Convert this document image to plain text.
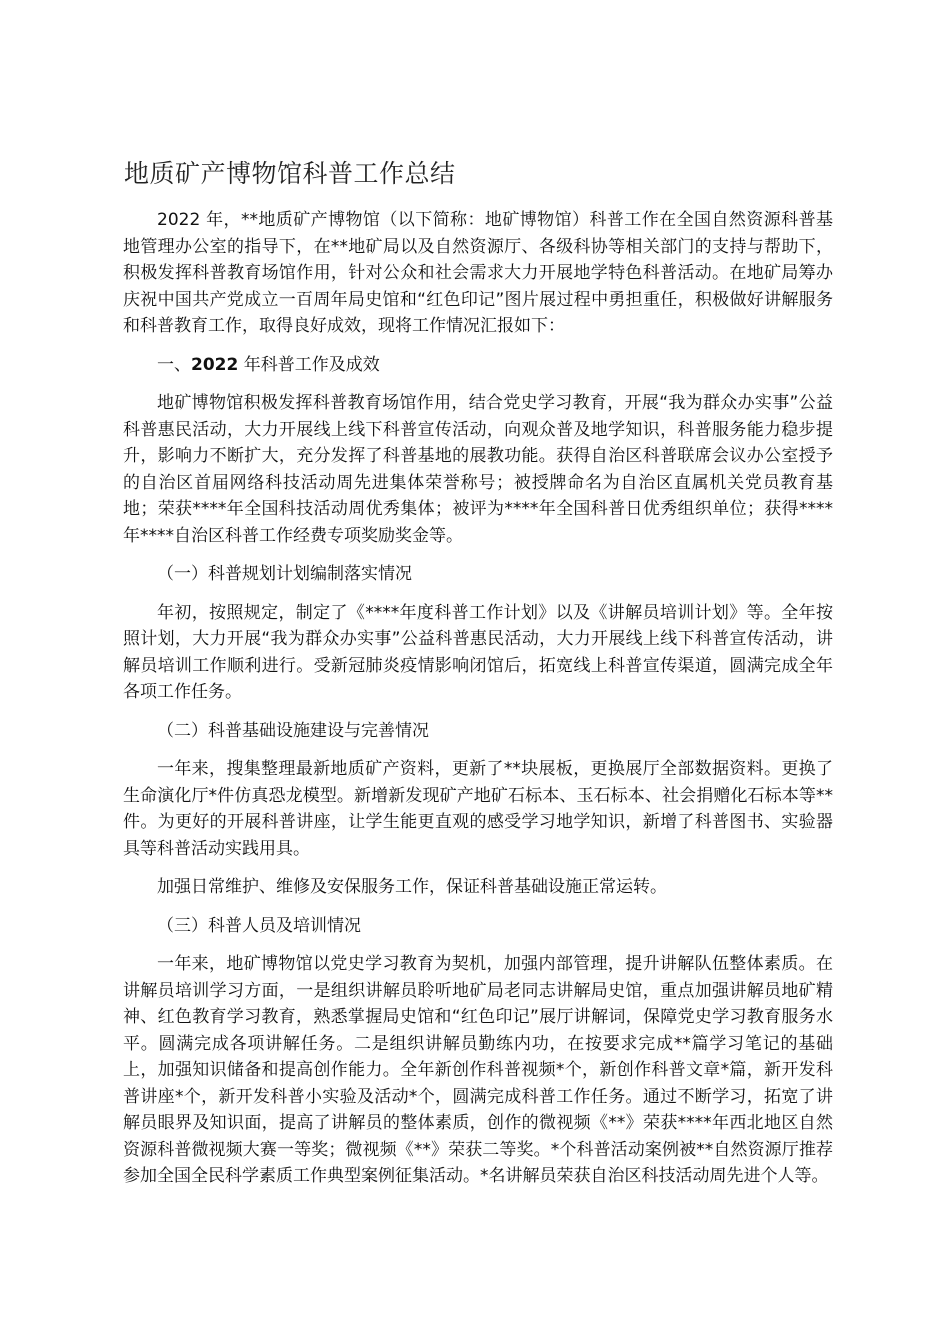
地质矿产博物馆科普工作总结

2022 年，**地质矿产博物馆（以下简称：地矿博物馆）科普工作在全国自然资源科普基地管理办公室的指导下，在**地矿局以及自然资源厅、各级科协等相关部门的支持与帮助下，积极发挥科普教育场馆作用，针对公众和社会需求大力开展地学特色科普活动。在地矿局筹办庆祝中国共产党成立一百周年局史馆和“红色印记”图片展过程中勇担重任，积极做好讲解服务和科普教育工作，取得良好成效，现将工作情况汇报如下：

一、2022 年科普工作及成效

地矿博物馆积极发挥科普教育场馆作用，结合党史学习教育，开展“我为群众办实事”公益科普惠民活动，大力开展线上线下科普宣传活动，向观众普及地学知识，科普服务能力稳步提升，影响力不断扩大，充分发挥了科普基地的展教功能。获得自治区科普联席会议办公室授予的自治区首届网络科技活动周先进集体荣誉称号；被授牌命名为自治区直属机关党员教育基地；荣获****年全国科技活动周优秀集体；被评为****年全国科普日优秀组织单位；获得****年****自治区科普工作经费专项奖励奖金等。

（一）科普规划计划编制落实情况

年初，按照规定，制定了《****年度科普工作计划》以及《讲解员培训计划》等。全年按照计划，大力开展“我为群众办实事”公益科普惠民活动，大力开展线上线下科普宣传活动，讲解员培训工作顺利进行。受新冠肺炎疫情影响闭馆后，拓宽线上科普宣传渠道，圆满完成全年各项工作任务。

（二）科普基础设施建设与完善情况

一年来，搜集整理最新地质矿产资料，更新了**块展板，更换展厅全部数据资料。更换了生命演化厅*件仿真恐龙模型。新增新发现矿产地矿石标本、玉石标本、社会捐赠化石标本等**件。为更好的开展科普讲座，让学生能更直观的感受学习地学知识，新增了科普图书、实验器具等科普活动实践用具。

加强日常维护、维修及安保服务工作，保证科普基础设施正常运转。

（三）科普人员及培训情况

一年来，地矿博物馆以党史学习教育为契机，加强内部管理，提升讲解队伍整体素质。在讲解员培训学习方面，一是组织讲解员聆听地矿局老同志讲解局史馆，重点加强讲解员地矿精神、红色教育学习教育，熟悉掌握局史馆和“红色印记”展厅讲解词，保障党史学习教育服务水平。圆满完成各项讲解任务。二是组织讲解员勤练内功，在按要求完成**篇学习笔记的基础上，加强知识储备和提高创作能力。全年新创作科普视频*个，新创作科普文章*篇，新开发科普讲座*个，新开发科普小实验及活动*个，圆满完成科普工作任务。通过不断学习，拓宽了讲解员眼界及知识面，提高了讲解员的整体素质，创作的微视频《**》荣获****年西北地区自然资源科普微视频大赛一等奖；微视频《**》荣获二等奖。*个科普活动案例被**自然资源厅推荐参加全国全民科学素质工作典型案例征集活动。*名讲解员荣获自治区科技活动周先进个人等。
